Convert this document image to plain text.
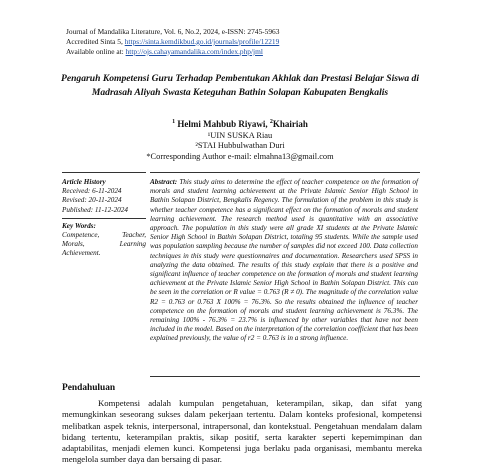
Journal of Mandalika Literature, Vol. 6, No.2, 2024, e-ISSN: 2745-5963
Accredited Sinta 5, https://sinta.kemdikbud.go.id/journals/profile/12219
Available online at: http://ojs.cahayamandalika.com/index.php/jml
Pengaruh Kompetensi Guru Terhadap Pembentukan Akhlak dan Prestasi Belajar Siswa di Madrasah Aliyah Swasta Keteguhan Bathin Solapan Kabupaten Bengkalis
$^1$ Helmi Mahbub Riyawi, $^2$Khairiah
¹UIN SUSKA Riau
²STAI Hubbulwathan Duri
*Corresponding Author e-mail: elmahna13@gmail.com
Article History
Received: 6-11-2024
Revised: 20-11-2024
Published: 11-12-2024
Key Words:
Competence, Teacher, Morals, Learning Achievement.
Abstract: This study aims to determine the effect of teacher competence on the formation of morals and student learning achievement at the Private Islamic Senior High School in Bathin Solapan District, Bengkalis Regency. The formulation of the problem in this study is whether teacher competence has a significant effect on the formation of morals and student learning achievement. The research method used is quantitative with an associative approach. The population in this study were all grade XI students at the Private Islamic Senior High School in Bathin Solapan District, totaling 95 students. While the sample used was population sampling because the number of samples did not exceed 100. Data collection techniques in this study were questionnaires and documentation. Researchers used SPSS in analyzing the data obtained. The results of this study explain that there is a positive and significant influence of teacher competence on the formation of morals and student learning achievement at the Private Islamic Senior High School in Bathin Solapan District. This can be seen in the correlation or R value = 0.763 (R ≠ 0). The magnitude of the correlation value R2 = 0.763 or 0.763 X 100% = 76.3%. So the results obtained the influence of teacher competence on the formation of morals and student learning achievement is 76.3%. The remaining 100% - 76.3% = 23.7% is influenced by other variables that have not been included in the model. Based on the interpretation of the correlation coefficient that has been explained previously, the value of r2 = 0.763 is in a strong influence.
Pendahuluan
Kompetensi adalah kumpulan pengetahuan, keterampilan, sikap, dan sifat yang memungkinkan seseorang sukses dalam pekerjaan tertentu. Dalam konteks profesional, kompetensi melibatkan aspek teknis, interpersonal, intrapersonal, dan kontekstual. Pengetahuan mendalam dalam bidang tertentu, keterampilan praktis, sikap positif, serta karakter seperti kepemimpinan dan adaptabilitas, menjadi elemen kunci. Kompetensi juga berlaku pada organisasi, membantu mereka mengelola sumber daya dan bersaing di pasar.
